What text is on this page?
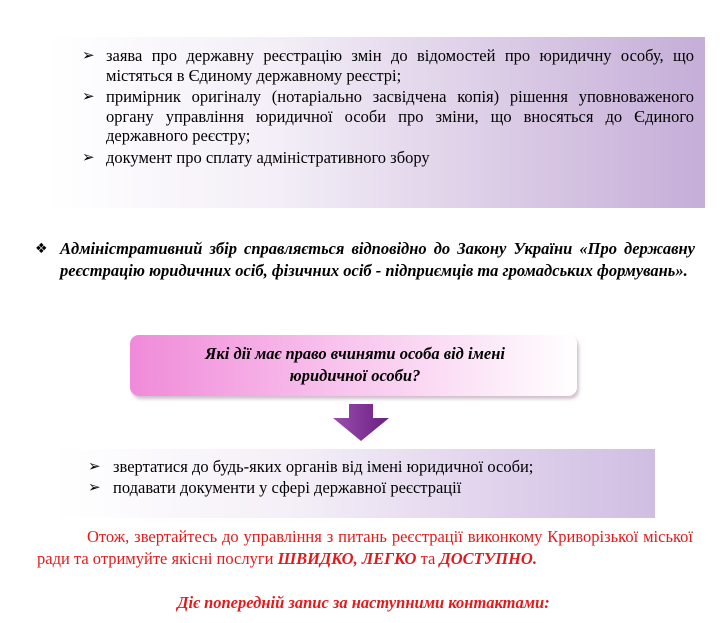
➢ заява про державну реєстрацію змін до відомостей про юридичну особу, що містяться в Єдиному державному реєстрі;
➢ примірник оригіналу (нотаріально засвідчена копія) рішення уповноваженого органу управління юридичної особи про зміни, що вносяться до Єдиного державного реєстру;
➢ документ про сплату адміністративного збору
❖ Адміністративний збір справляється відповідно до Закону України «Про державну реєстрацію юридичних осіб, фізичних осіб - підприємців та громадських формувань».
Які дії має право вчиняти особа від імені
юридичної особи?
➢ звертатися до будь-яких органів від імені юридичної особи;
➢ подавати документи у сфері державної реєстрації
Отож, звертайтесь до управління з питань реєстрації виконкому Криворізької міської ради та отримуйте якісні послуги ШВИДКО, ЛЕГКО та ДОСТУПНО.
Діє попередній запис за наступними контактами:
